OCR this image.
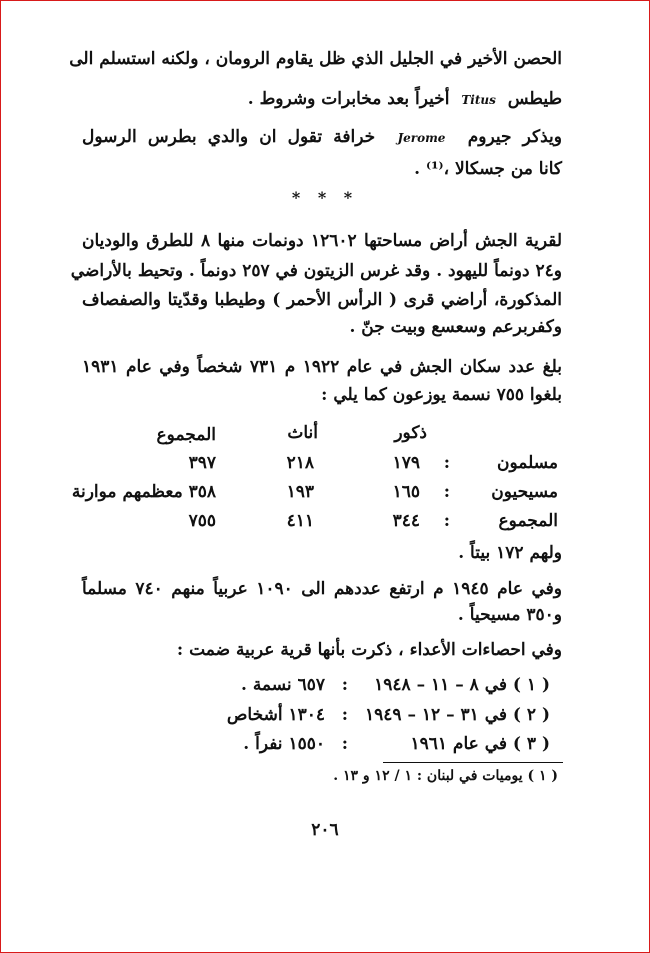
الحصن الأخير في الجليل الذي ظل يقاوم الرومان ، ولكنه استسلم الى
طيطس  Titus  أخيراً بعد مخابرات وشروط .
ويذكر جيروم  Jerome  خرافة تقول ان والدي بطرس الرسول
كانا من جسكالا ،⁽¹⁾ .
* * *
لقرية الجش أراض مساحتها ١٢٦٠٢ دونمات منها ٨ للطرق والوديان
و٢٤ دونماً لليهود . وقد غرس الزيتون في ٢٥٧ دونماً . وتحيط بالأراضي
المذكورة، أراضي قرى ( الرأس الأحمر ) وطيطبا وقدّيتا والصفصاف
وكفربرعم وسعسع وبيت جنّ .
بلغ عدد سكان الجش في عام ١٩٢٢ م ٧٣١ شخصاً وفي عام ١٩٣١
بلغوا ٧٥٥ نسمة يوزعون كما يلي :
ذكور
أناث
المجموع
مسلمون
:
١٧٩
٢١٨
٣٩٧
مسيحيون
:
١٦٥
١٩٣
٣٥٨ معظمهم موارنة
المجموع
:
٣٤٤
٤١١
٧٥٥
ولهم ١٧٢ بيتاً .
وفي عام ١٩٤٥ م ارتفع عددهم الى ١٠٩٠ عربياً منهم ٧٤٠ مسلماً
و٣٥٠ مسيحياً .
وفي احصاءات الأعداء ، ذكرت بأنها قرية عربية ضمت :
( ١ ) في ٨ – ١١ – ١٩٤٨
:
٦٥٧ نسمة .
( ٢ ) في ٣١ – ١٢ – ١٩٤٩
:
١٣٠٤ أشخاص
( ٣ ) في عام ١٩٦١
:
١٥٥٠ نفراً .
( ١ ) يوميات في لبنان : ١ / ١٢ و ١٣ .
٢٠٦
